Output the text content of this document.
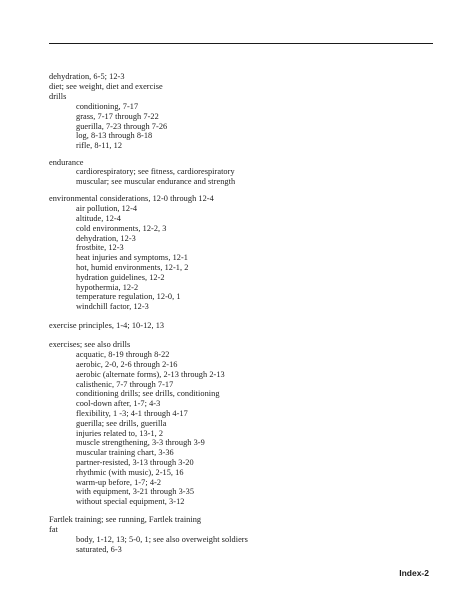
dehydration, 6-5; 12-3
diet; see weight, diet and exercise
drills
conditioning, 7-17
grass, 7-17 through 7-22
guerilla, 7-23 through 7-26
log, 8-13 through 8-18
rifle, 8-11, 12
endurance
cardiorespiratory; see fitness, cardiorespiratory
muscular; see muscular endurance and strength
environmental considerations, 12-0 through 12-4
air pollution, 12-4
altitude, 12-4
cold environments, 12-2, 3
dehydration, 12-3
frostbite, 12-3
heat injuries and symptoms, 12-1
hot, humid environments, 12-1, 2
hydration guidelines, 12-2
hypothermia, 12-2
temperature regulation, 12-0, 1
windchill factor, 12-3
exercise principles, 1-4; 10-12, 13
exercises; see also drills
acquatic, 8-19 through 8-22
aerobic, 2-0, 2-6 through 2-16
aerobic (alternate forms), 2-13 through 2-13
calisthenic, 7-7 through 7-17
conditioning drills; see drills, conditioning
cool-down after, 1-7; 4-3
flexibility, 1 -3; 4-1 through 4-17
guerilla; see drills, guerilla
injuries related to, 13-1, 2
muscle strengthening, 3-3 through 3-9
muscular training chart, 3-36
partner-resisted, 3-13 through 3-20
rhythmic (with music), 2-15, 16
warm-up before, 1-7; 4-2
with equipment, 3-21 through 3-35
without special equipment, 3-12
Fartlek training; see running, Fartlek training
fat
body, 1-12, 13; 5-0, 1; see also overweight soldiers
saturated, 6-3
Index-2
